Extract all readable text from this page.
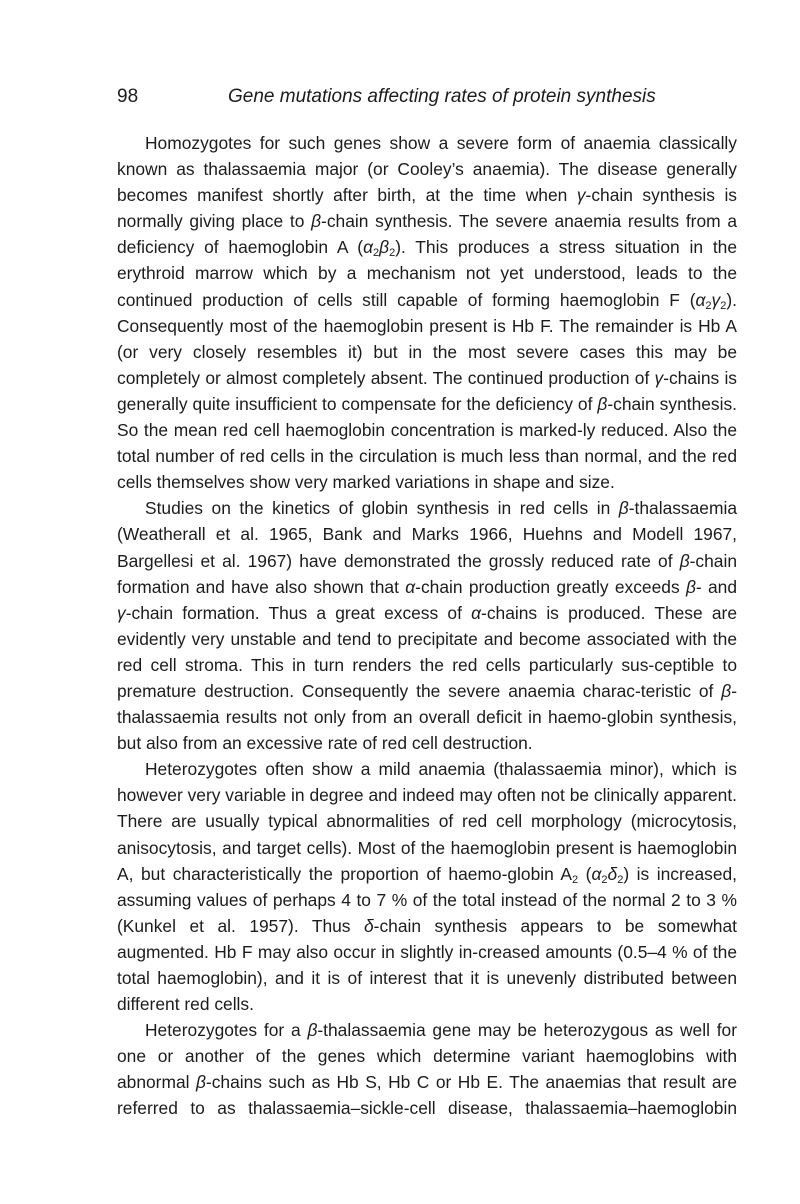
98	Gene mutations affecting rates of protein synthesis

Homozygotes for such genes show a severe form of anaemia classically known as thalassaemia major (or Cooley’s anaemia). The disease generally becomes manifest shortly after birth, at the time when γ-chain synthesis is normally giving place to β-chain synthesis. The severe anaemia results from a deficiency of haemoglobin A $(\alpha_2\beta_2)$. This produces a stress situation in the erythroid marrow which by a mechanism not yet understood, leads to the continued production of cells still capable of forming haemoglobin F $(\alpha_2\gamma_2)$. Consequently most of the haemoglobin present is Hb F. The remainder is Hb A (or very closely resembles it) but in the most severe cases this may be completely or almost completely absent. The continued production of γ-chains is generally quite insufficient to compensate for the deficiency of β-chain synthesis. So the mean red cell haemoglobin concentration is marked-ly reduced. Also the total number of red cells in the circulation is much less than normal, and the red cells themselves show very marked variations in shape and size.

Studies on the kinetics of globin synthesis in red cells in β-thalassaemia (Weatherall et al. 1965, Bank and Marks 1966, Huehns and Modell 1967, Bargellesi et al. 1967) have demonstrated the grossly reduced rate of β-chain formation and have also shown that α-chain production greatly exceeds β- and γ-chain formation. Thus a great excess of α-chains is produced. These are evidently very unstable and tend to precipitate and become associated with the red cell stroma. This in turn renders the red cells particularly sus-ceptible to premature destruction. Consequently the severe anaemia charac-teristic of β-thalassaemia results not only from an overall deficit in haemo-globin synthesis, but also from an excessive rate of red cell destruction.

Heterozygotes often show a mild anaemia (thalassaemia minor), which is however very variable in degree and indeed may often not be clinically apparent. There are usually typical abnormalities of red cell morphology (microcytosis, anisocytosis, and target cells). Most of the haemoglobin present is haemoglobin A, but characteristically the proportion of haemo-globin $A_2$ $(\alpha_2\delta_2)$ is increased, assuming values of perhaps 4 to 7 % of the total instead of the normal 2 to 3 % (Kunkel et al. 1957). Thus δ-chain synthesis appears to be somewhat augmented. Hb F may also occur in slightly in-creased amounts (0.5–4 % of the total haemoglobin), and it is of interest that it is unevenly distributed between different red cells.

Heterozygotes for a β-thalassaemia gene may be heterozygous as well for one or another of the genes which determine variant haemoglobins with abnormal β-chains such as Hb S, Hb C or Hb E. The anaemias that result are referred to as thalassaemia–sickle-cell disease, thalassaemia–haemoglobin
